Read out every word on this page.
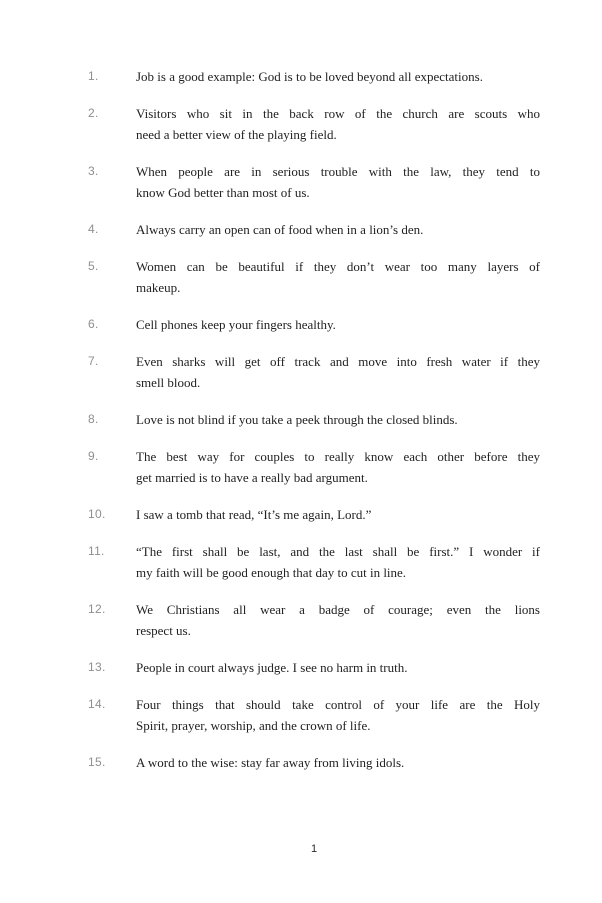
1.	Job is a good example: God is to be loved beyond all expectations.
2.	Visitors who sit in the back row of the church are scouts who
need a better view of the playing field.
3.	When people are in serious trouble with the law, they tend to
know God better than most of us.
4.	Always carry an open can of food when in a lion’s den.
5.	Women can be beautiful if they don’t wear too many layers of
makeup.
6.	Cell phones keep your fingers healthy.
7.	Even sharks will get off track and move into fresh water if they
smell blood.
8.	Love is not blind if you take a peek through the closed blinds.
9.	The best way for couples to really know each other before they
get married is to have a really bad argument.
10.	I saw a tomb that read, “It’s me again, Lord.”
11.	“The first shall be last, and the last shall be first.” I wonder if
my faith will be good enough that day to cut in line.
12.	We Christians all wear a badge of courage; even the lions
respect us.
13.	People in court always judge. I see no harm in truth.
14.	Four things that should take control of your life are the Holy
Spirit, prayer, worship, and the crown of life.
15.	A word to the wise: stay far away from living idols.
1
